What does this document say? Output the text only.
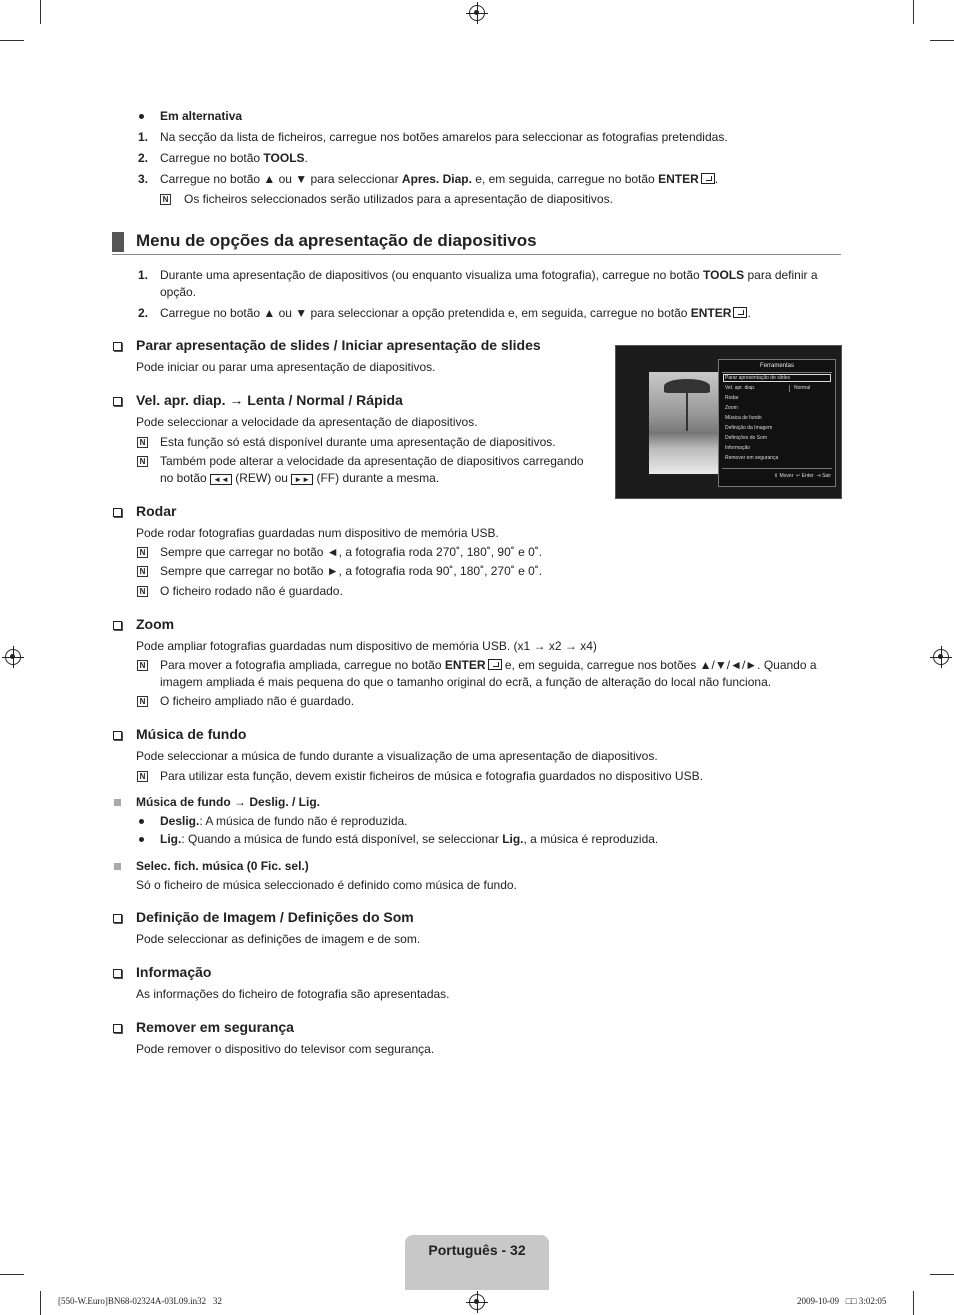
Em alternativa
1. Na secção da lista de ficheiros, carregue nos botões amarelos para seleccionar as fotografias pretendidas.
2. Carregue no botão TOOLS.
3. Carregue no botão ▲ ou ▼ para seleccionar Apres. Diap. e, em seguida, carregue no botão ENTER .
N Os ficheiros seleccionados serão utilizados para a apresentação de diapositivos.
Menu de opções da apresentação de diapositivos
1. Durante uma apresentação de diapositivos (ou enquanto visualiza uma fotografia), carregue no botão TOOLS para definir a
opção.
2. Carregue no botão ▲ ou ▼ para seleccionar a opção pretendida e, em seguida, carregue no botão ENTER .
Parar apresentação de slides / Iniciar apresentação de slides
Pode iniciar ou parar uma apresentação de diapositivos.
Vel. apr. diap. → Lenta / Normal / Rápida
Pode seleccionar a velocidade da apresentação de diapositivos.
N Esta função só está disponível durante uma apresentação de diapositivos.
N Também pode alterar a velocidade da apresentação de diapositivos carregando
no botão ◄◄ (REW) ou ►► (FF) durante a mesma.
Ferramentas
Parar apresentação de slides
Vel. apr. diap.	Normal
Rodar
Zoom
Música de fundo
Definição da Imagem
Definições do Som
Informação
Remover em segurança
⇕ Mover ↵ Enter ⇥ Sair
Rodar
Pode rodar fotografias guardadas num dispositivo de memória USB.
N Sempre que carregar no botão ◄, a fotografia roda 270˚, 180˚, 90˚ e 0˚.
N Sempre que carregar no botão ►, a fotografia roda 90˚, 180˚, 270˚ e 0˚.
N O ficheiro rodado não é guardado.
Zoom
Pode ampliar fotografias guardadas num dispositivo de memória USB. (x1 → x2 → x4)
N Para mover a fotografia ampliada, carregue no botão ENTER e, em seguida, carregue nos botões ▲/▼/◄/►. Quando a
imagem ampliada é mais pequena do que o tamanho original do ecrã, a função de alteração do local não funciona.
N O ficheiro ampliado não é guardado.
Música de fundo
Pode seleccionar a música de fundo durante a visualização de uma apresentação de diapositivos.
N Para utilizar esta função, devem existir ficheiros de música e fotografia guardados no dispositivo USB.
Música de fundo → Deslig. / Lig.
Deslig.: A música de fundo não é reproduzida.
Lig.: Quando a música de fundo está disponível, se seleccionar Lig., a música é reproduzida.
Selec. fich. música (0 Fic. sel.)
Só o ficheiro de música seleccionado é definido como música de fundo.
Definição de Imagem / Definições do Som
Pode seleccionar as definições de imagem e de som.
Informação
As informações do ficheiro de fotografia são apresentadas.
Remover em segurança
Pode remover o dispositivo do televisor com segurança.
Português - 32
[550-W.Euro]BN68-02324A-03L09.in32   32	2009-10-09   □□ 3:02:05
